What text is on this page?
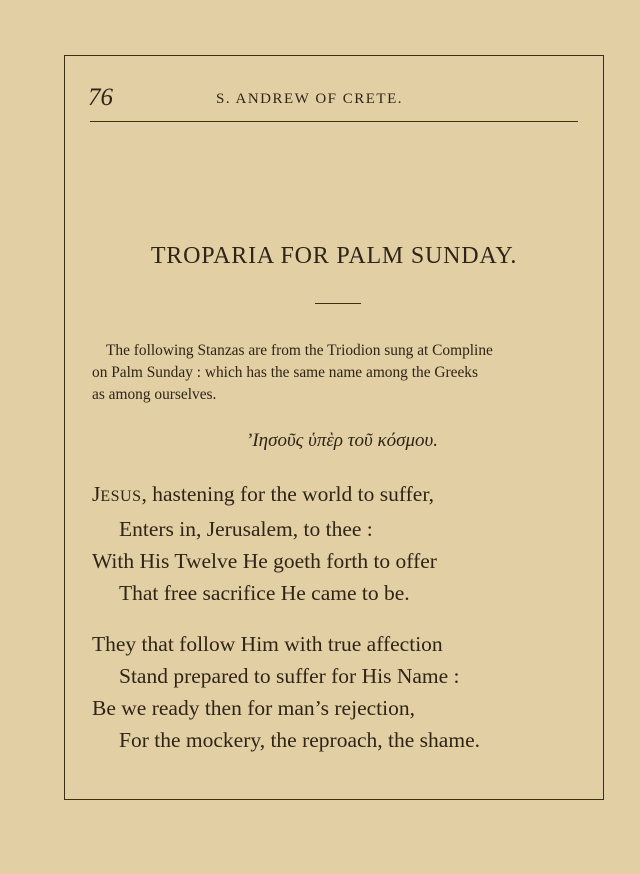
76	S. ANDREW OF CRETE.
TROPARIA FOR PALM SUNDAY.
The following Stanzas are from the Triodion sung at Compline
on Palm Sunday : which has the same name among the Greeks
as among ourselves.
’Ιησοῦς ὑπὲρ τοῦ κόσμου.
JESUS, hastening for the world to suffer,
Enters in, Jerusalem, to thee :
With His Twelve He goeth forth to offer
That free sacrifice He came to be.
They that follow Him with true affection
Stand prepared to suffer for His Name :
Be we ready then for man’s rejection,
For the mockery, the reproach, the shame.
